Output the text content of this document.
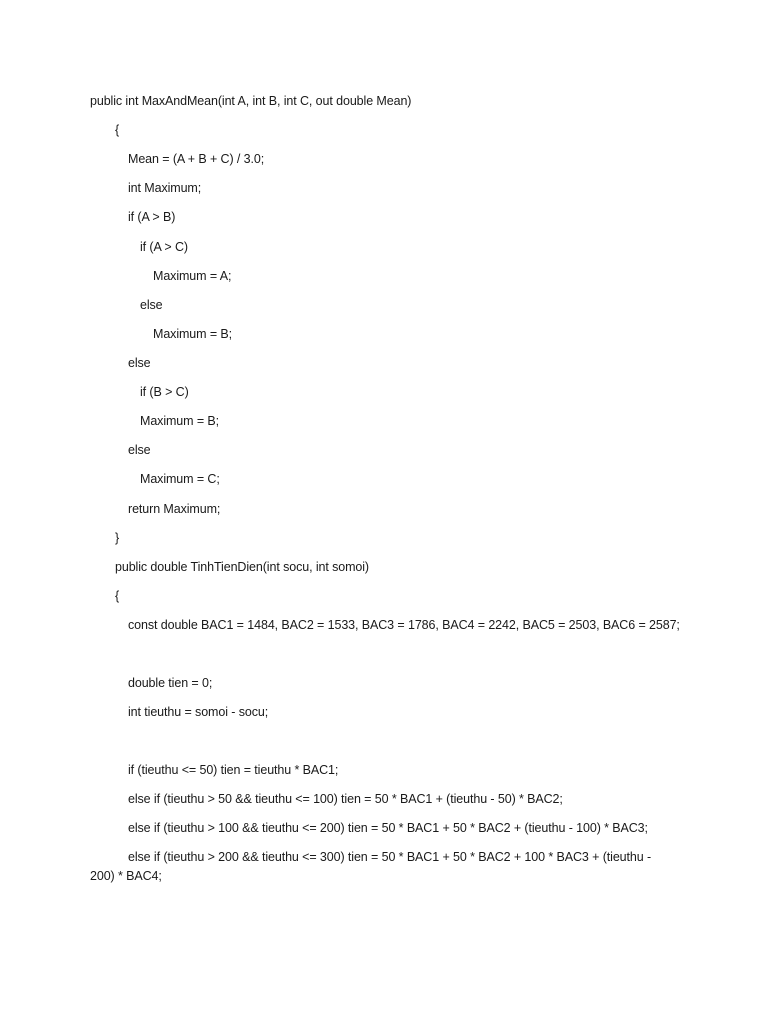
public int MaxAndMean(int A, int B, int C, out double Mean)
{
Mean = (A + B + C) / 3.0;
int Maximum;
if (A > B)
if (A > C)
Maximum = A;
else
Maximum = B;
else
if (B > C)
Maximum = B;
else
Maximum = C;
return Maximum;
}
public double TinhTienDien(int socu, int somoi)
{
const double BAC1 = 1484, BAC2 = 1533, BAC3 = 1786, BAC4 = 2242, BAC5 = 2503, BAC6 = 2587;
double tien = 0;
int tieuthu = somoi - socu;
if (tieuthu <= 50) tien = tieuthu * BAC1;
else if (tieuthu > 50 && tieuthu <= 100) tien = 50 * BAC1 + (tieuthu - 50) * BAC2;
else if (tieuthu > 100 && tieuthu <= 200) tien = 50 * BAC1 + 50 * BAC2 + (tieuthu - 100) * BAC3;
else if (tieuthu > 200 && tieuthu <= 300) tien = 50 * BAC1 + 50 * BAC2 + 100 * BAC3 + (tieuthu -
200) * BAC4;
